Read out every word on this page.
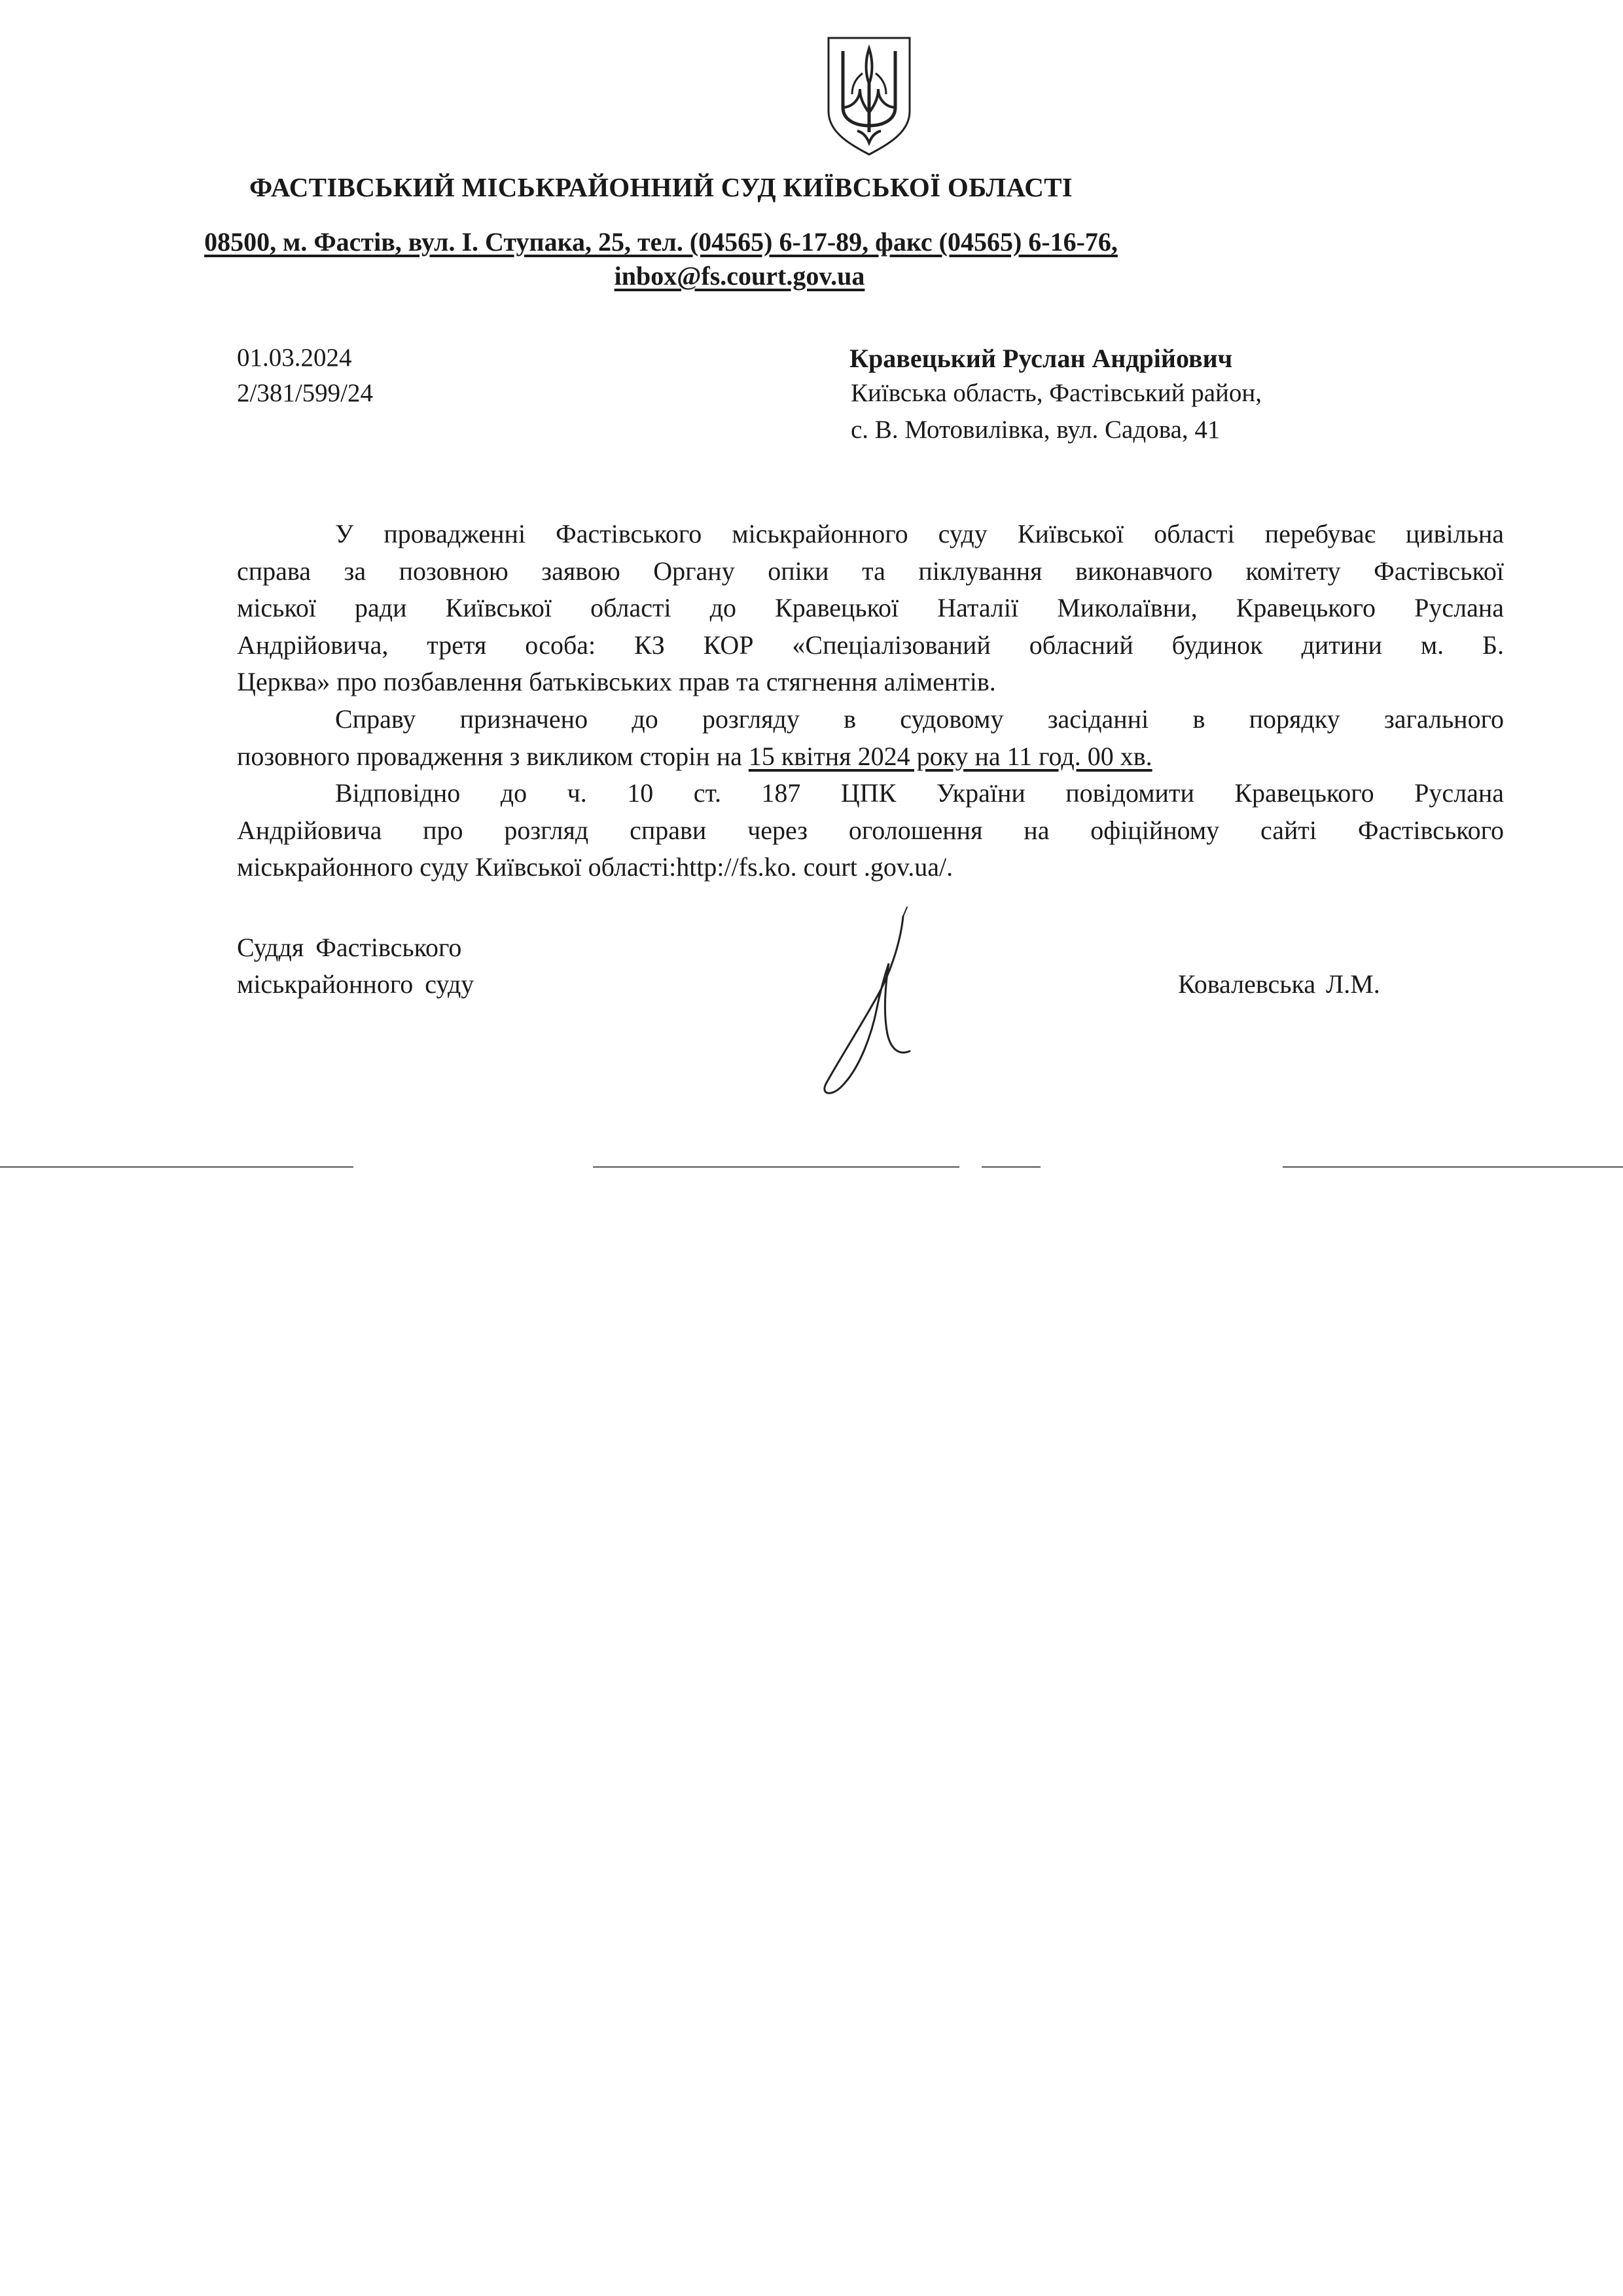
ФАСТІВСЬКИЙ МІСЬКРАЙОННИЙ СУД КИЇВСЬКОЇ ОБЛАСТІ
08500, м. Фастів, вул. І. Ступака, 25, тел. (04565) 6-17-89, факс (04565) 6-16-76,
inbox@fs.court.gov.ua
01.03.2024
2/381/599/24
Кравецький Руслан Андрійович
Київська область, Фастівський район,
с. В. Мотовилівка, вул. Садова, 41
У провадженні Фастівського міськрайонного суду Київської області перебуває цивільна
справа за позовною заявою Органу опіки та піклування виконавчого комітету Фастівської
міської ради Київської області до Кравецької Наталії Миколаївни, Кравецького Руслана
Андрійовича, третя особа: КЗ КОР «Спеціалізований обласний будинок дитини м. Б.
Церква» про позбавлення батьківських прав та стягнення аліментів.
Справу призначено до розгляду в судовому засіданні в порядку загального
позовного провадження з викликом сторін на 15 квітня 2024 року на 11 год. 00 хв.
Відповідно до ч. 10 ст. 187 ЦПК України повідомити Кравецького Руслана
Андрійовича про розгляд справи через оголошення на офіційному сайті Фастівського
міськрайонного суду Київської області:http://fs.ko. court .gov.ua/.
Суддя Фастівського
міськрайонного суду	Ковалевська Л.М.
